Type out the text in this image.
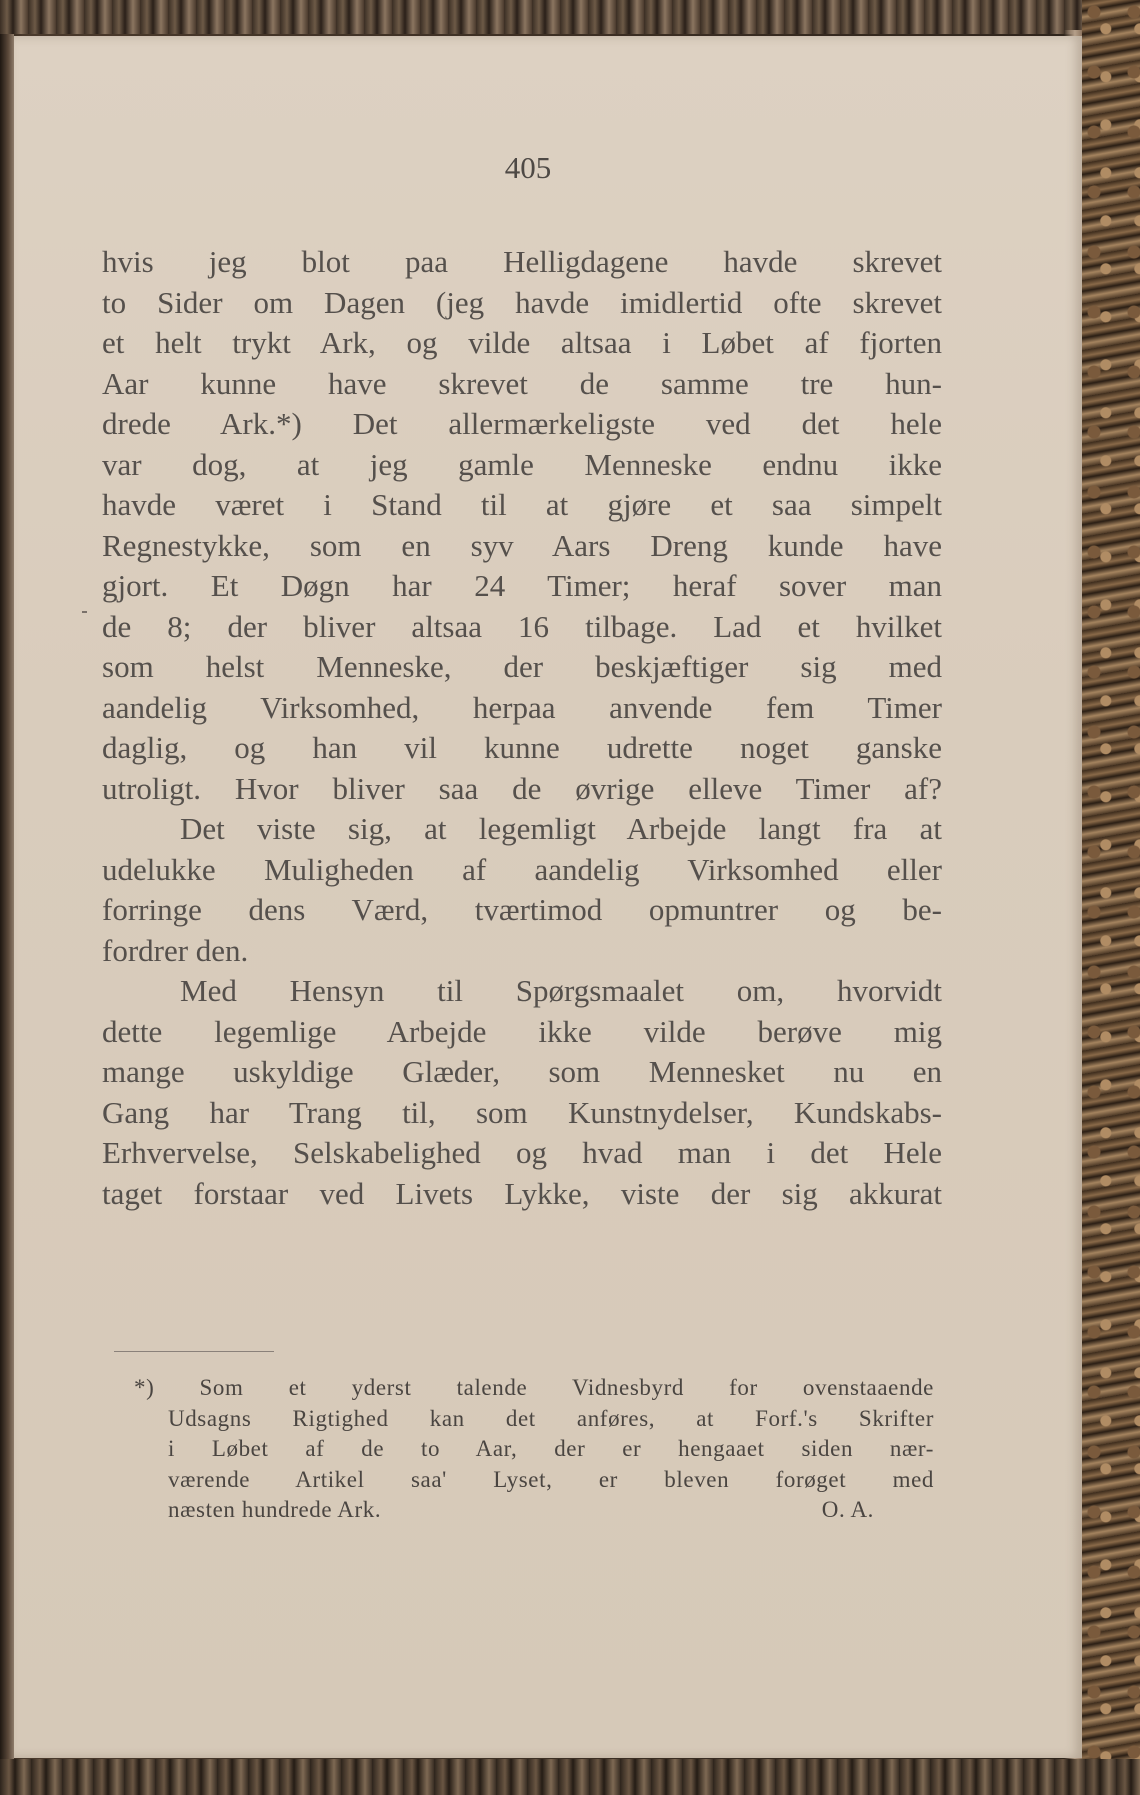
405
hvis jeg blot paa Helligdagene havde skrevet
to Sider om Dagen (jeg havde imidlertid ofte skrevet
et helt trykt Ark, og vilde altsaa i Løbet af fjorten
Aar kunne have skrevet de samme tre hun-
drede Ark.*) Det allermærkeligste ved det hele
var dog, at jeg gamle Menneske endnu ikke
havde været i Stand til at gjøre et saa simpelt
Regnestykke, som en syv Aars Dreng kunde have
gjort. Et Døgn har 24 Timer; heraf sover man
de 8; der bliver altsaa 16 tilbage. Lad et hvilket
som helst Menneske, der beskjæftiger sig med
aandelig Virksomhed, herpaa anvende fem Timer
daglig, og han vil kunne udrette noget ganske
utroligt. Hvor bliver saa de øvrige elleve Timer af?
Det viste sig, at legemligt Arbejde langt fra at
udelukke Muligheden af aandelig Virksomhed eller
forringe dens Værd, tværtimod opmuntrer og be-
fordrer den.
Med Hensyn til Spørgsmaalet om, hvorvidt
dette legemlige Arbejde ikke vilde berøve mig
mange uskyldige Glæder, som Mennesket nu en
Gang har Trang til, som Kunstnydelser, Kundskabs-
Erhvervelse, Selskabelighed og hvad man i det Hele
taget forstaar ved Livets Lykke, viste der sig akkurat
*) Som et yderst talende Vidnesbyrd for ovenstaaende
Udsagns Rigtighed kan det anføres, at Forf.'s Skrifter
i Løbet af de to Aar, der er hengaaet siden nær-
værende Artikel saa' Lyset, er bleven forøget med
næsten hundrede Ark.	O. A.
